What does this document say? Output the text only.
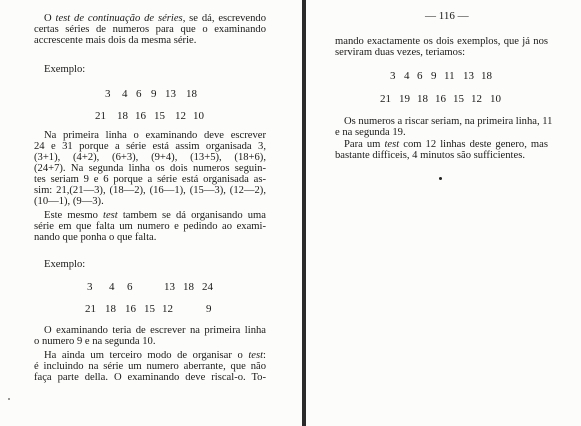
O test de continuação de séries, se dá, escrevendo
certas séries de numeros para que o examinando
accrescente mais dois da mesma série.
Exemplo:
3 4 6 9 13 18
21 18 16 15 12 10
Na primeira linha o examinando deve escrever
24 e 31 porque a série está assim organisada 3,
(3+1), (4+2), (6+3), (9+4), (13+5), (18+6),
(24+7). Na segunda linha os dois numeros seguin-
tes seriam 9 e 6 porque a série está organisada as-
sim: 21,(21—3), (18—2), (16—1), (15—3), (12—2),
(10—1), (9—3).
Este mesmo test tambem se dá organisando uma
série em que falta um numero e pedindo ao exami-
nando que ponha o que falta.
Exemplo:
3 4 6	13 18 24
21 18 16 15 12	9
O examinando teria de escrever na primeira linha
o numero 9 e na segunda 10.
Ha ainda um terceiro modo de organisar o test:
é incluindo na série um numero aberrante, que não
faça parte della. O examinando deve riscal-o. To-
— 116 —
mando exactamente os dois exemplos, que já nos
serviram duas vezes, teriamos:
3 4 6 9 11 13 18
21 19 18 16 15 12 10
Os numeros a riscar seriam, na primeira linha, 11
e na segunda 19.
Para um test com 12 linhas deste genero, mas
bastante difficeis, 4 minutos são sufficientes.
